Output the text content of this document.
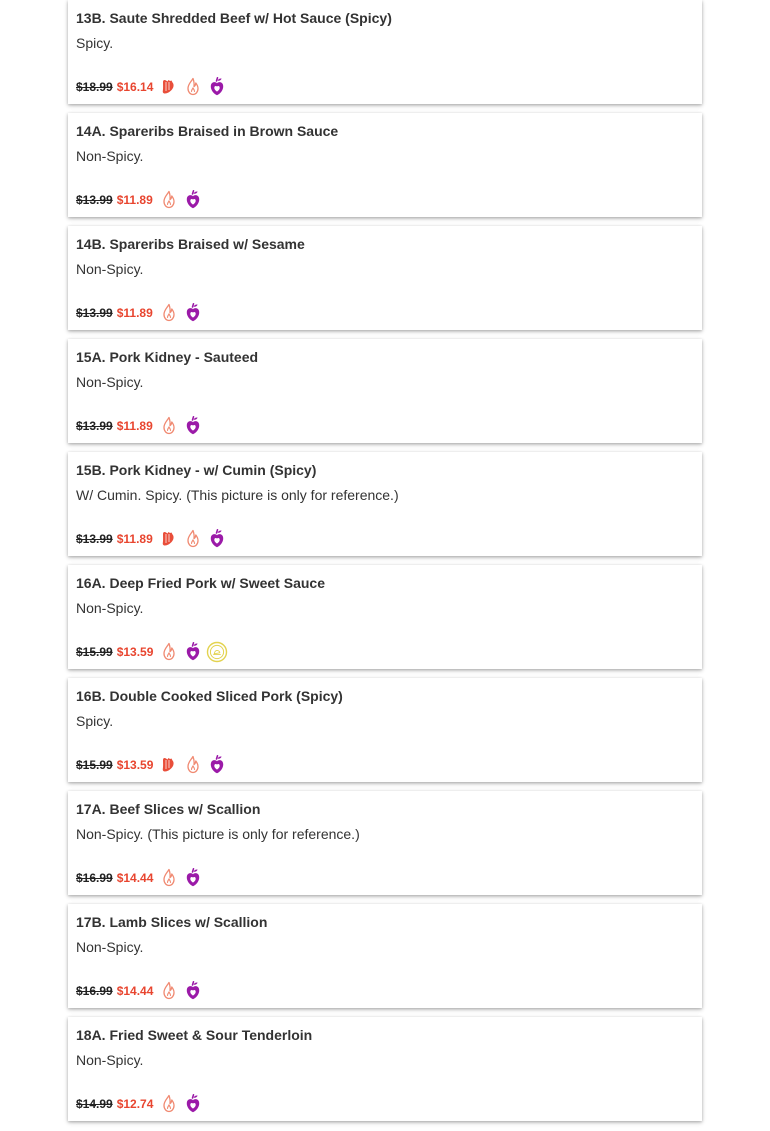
13B. Saute Shredded Beef w/ Hot Sauce (Spicy)
Spicy.
$18.99 $16.14
14A. Spareribs Braised in Brown Sauce
Non-Spicy.
$13.99 $11.89
14B. Spareribs Braised w/ Sesame
Non-Spicy.
$13.99 $11.89
15A. Pork Kidney - Sauteed
Non-Spicy.
$13.99 $11.89
15B. Pork Kidney - w/ Cumin (Spicy)
W/ Cumin. Spicy. (This picture is only for reference.)
$13.99 $11.89
16A. Deep Fried Pork w/ Sweet Sauce
Non-Spicy.
$15.99 $13.59
16B. Double Cooked Sliced Pork (Spicy)
Spicy.
$15.99 $13.59
17A. Beef Slices w/ Scallion
Non-Spicy. (This picture is only for reference.)
$16.99 $14.44
17B. Lamb Slices w/ Scallion
Non-Spicy.
$16.99 $14.44
18A. Fried Sweet & Sour Tenderloin
Non-Spicy.
$14.99 $12.74
